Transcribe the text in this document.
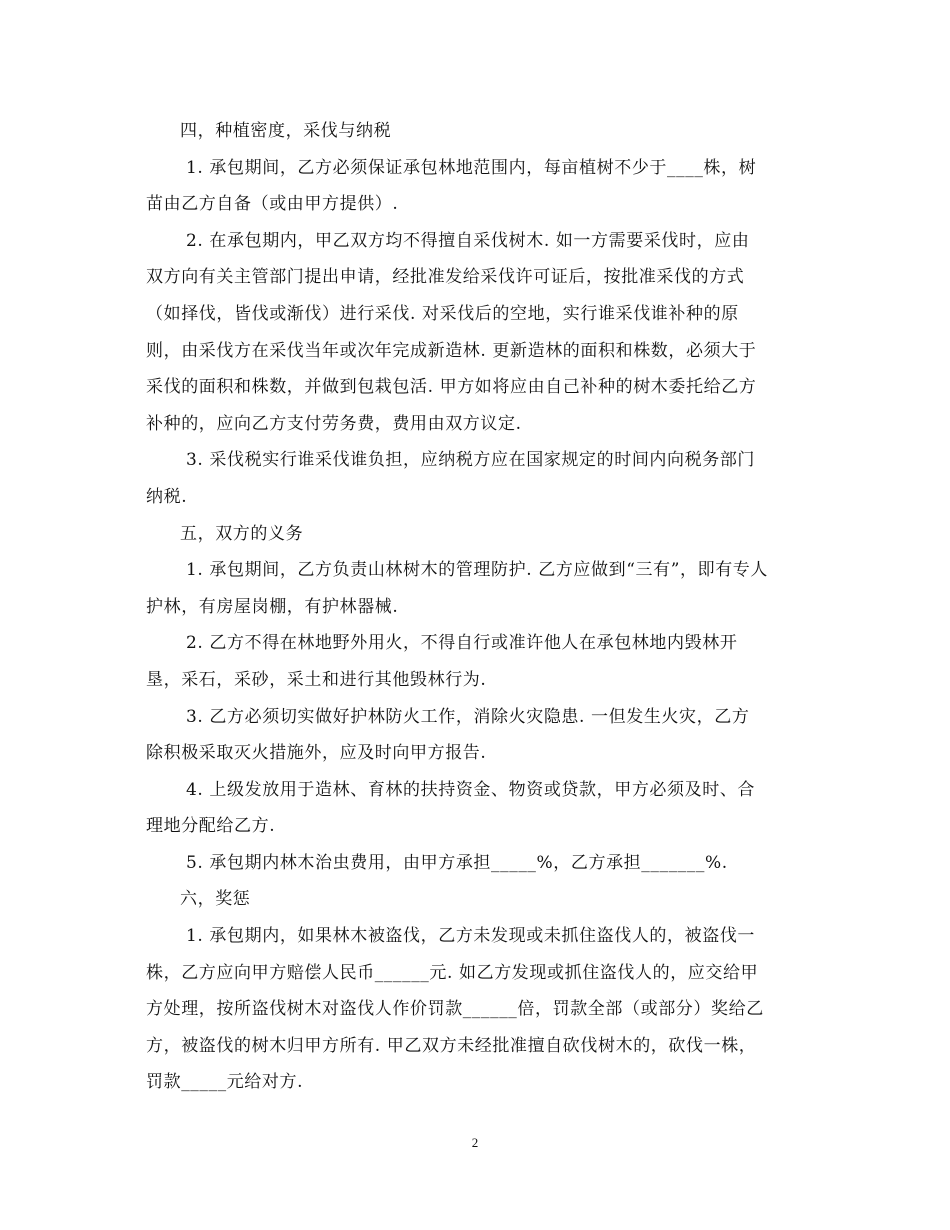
四，种植密度，采伐与纳税
1. 承包期间，乙方必须保证承包林地范围内，每亩植树不少于____株，树
苗由乙方自备（或由甲方提供）.
2. 在承包期内，甲乙双方均不得擅自采伐树木. 如一方需要采伐时，应由
双方向有关主管部门提出申请，经批准发给采伐许可证后，按批准采伐的方式
（如择伐，皆伐或渐伐）进行采伐. 对采伐后的空地，实行谁采伐谁补种的原
则，由采伐方在采伐当年或次年完成新造林. 更新造林的面积和株数，必须大于
采伐的面积和株数，并做到包栽包活. 甲方如将应由自己补种的树木委托给乙方
补种的，应向乙方支付劳务费，费用由双方议定.
3. 采伐税实行谁采伐谁负担，应纳税方应在国家规定的时间内向税务部门
纳税.
五，双方的义务
1. 承包期间，乙方负责山林树木的管理防护. 乙方应做到“三有”，即有专人
护林，有房屋岗棚，有护林器械.
2. 乙方不得在林地野外用火，不得自行或准许他人在承包林地内毁林开
垦，采石，采砂，采土和进行其他毁林行为.
3. 乙方必须切实做好护林防火工作，消除火灾隐患. 一但发生火灾，乙方
除积极采取灭火措施外，应及时向甲方报告.
4. 上级发放用于造林、育林的扶持资金、物资或贷款，甲方必须及时、合
理地分配给乙方.
5. 承包期内林木治虫费用，由甲方承担_____%，乙方承担_______%.
六，奖惩
1. 承包期内，如果林木被盗伐，乙方未发现或未抓住盗伐人的，被盗伐一
株，乙方应向甲方赔偿人民币______元. 如乙方发现或抓住盗伐人的，应交给甲
方处理，按所盗伐树木对盗伐人作价罚款______倍，罚款全部（或部分）奖给乙
方，被盗伐的树木归甲方所有. 甲乙双方未经批准擅自砍伐树木的，砍伐一株，
罚款_____元给对方.
2
